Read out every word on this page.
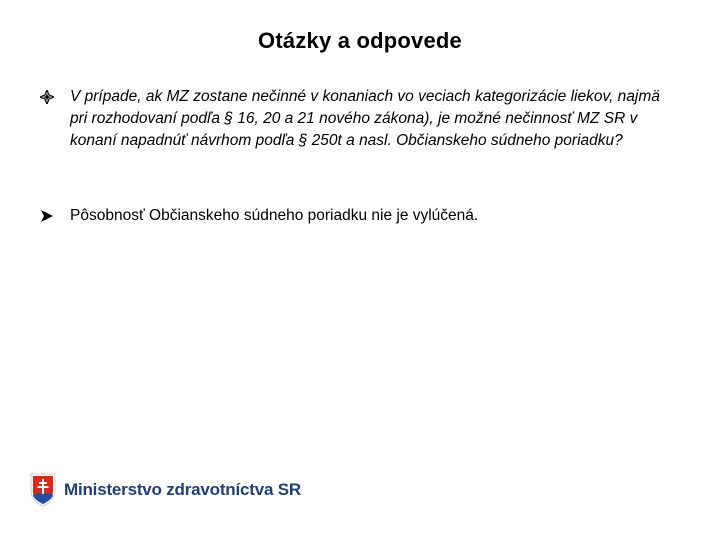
Otázky a odpovede
V prípade, ak MZ zostane nečinné v konaniach vo veciach kategorizácie liekov, najmä pri rozhodovaní podľa § 16, 20 a 21 nového zákona), je možné nečinnosť MZ SR v konaní napadnúť návrhom podľa § 250t a nasl. Občianskeho súdneho poriadku?
Pôsobnosť Občianskeho súdneho poriadku nie je vylúčená.
Ministerstvo zdravotníctva SR
